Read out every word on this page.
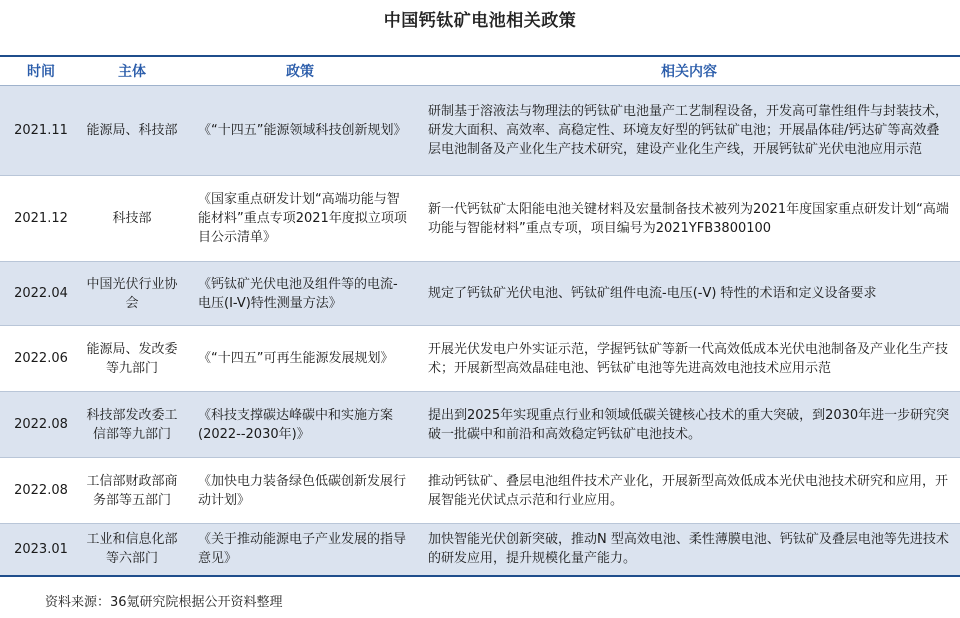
中国钙钛矿电池相关政策
时间	主体	政策	相关内容
2021.11	能源局、科技部	《“十四五”能源领域科技创新规划》	研制基于溶液法与物理法的钙钛矿电池量产工艺制程设备，开发高可靠性组件与封装技术，研发大面积、高效率、高稳定性、环境友好型的钙钛矿电池；开展晶体硅/钙达矿等高效叠层电池制备及产业化生产技术研究，建设产业化生产线，开展钙钛矿光伏电池应用示范
2021.12	科技部	《国家重点研发计划“高端功能与智能材料”重点专项2021年度拟立项项目公示清单》	新一代钙钛矿太阳能电池关键材料及宏量制备技术被列为2021年度国家重点研发计划“高端功能与智能材料”重点专项，项目编号为2021YFB3800100
2022.04	中国光伏行业协会	《钙钛矿光伏电池及组件等的电流-电压(I-V)特性测量方法》	规定了钙钛矿光伏电池、钙钛矿组件电流-电压(-V) 特性的术语和定义设备要求
2022.06	能源局、发改委等九部门	《“十四五”可再生能源发展规划》	开展光伏发电户外实证示范，学握钙钛矿等新一代高效低成本光伏电池制备及产业化生产技术；开展新型高效晶硅电池、钙钛矿电池等先进高效电池技术应用示范
2022.08	科技部发改委工信部等九部门	《科技支撑碳达峰碳中和实施方案(2022--2030年)》	提出到2025年实现重点行业和领域低碳关键核心技术的重大突破，到2030年进一步研究突破一批碳中和前沿和高效稳定钙钛矿电池技术。
2022.08	工信部财政部商务部等五部门	《加快电力装备绿色低碳创新发展行动计划》	推动钙钛矿、叠层电池组件技术产业化，开展新型高效低成本光伏电池技术研究和应用，开展智能光伏试点示范和行业应用。
2023.01	工业和信息化部等六部门	《关于推动能源电子产业发展的指导意见》	加快智能光伏创新突破，推动N 型高效电池、柔性薄膜电池、钙钛矿及叠层电池等先进技术的研发应用，提升规模化量产能力。
资料来源：36氪研究院根据公开资料整理
